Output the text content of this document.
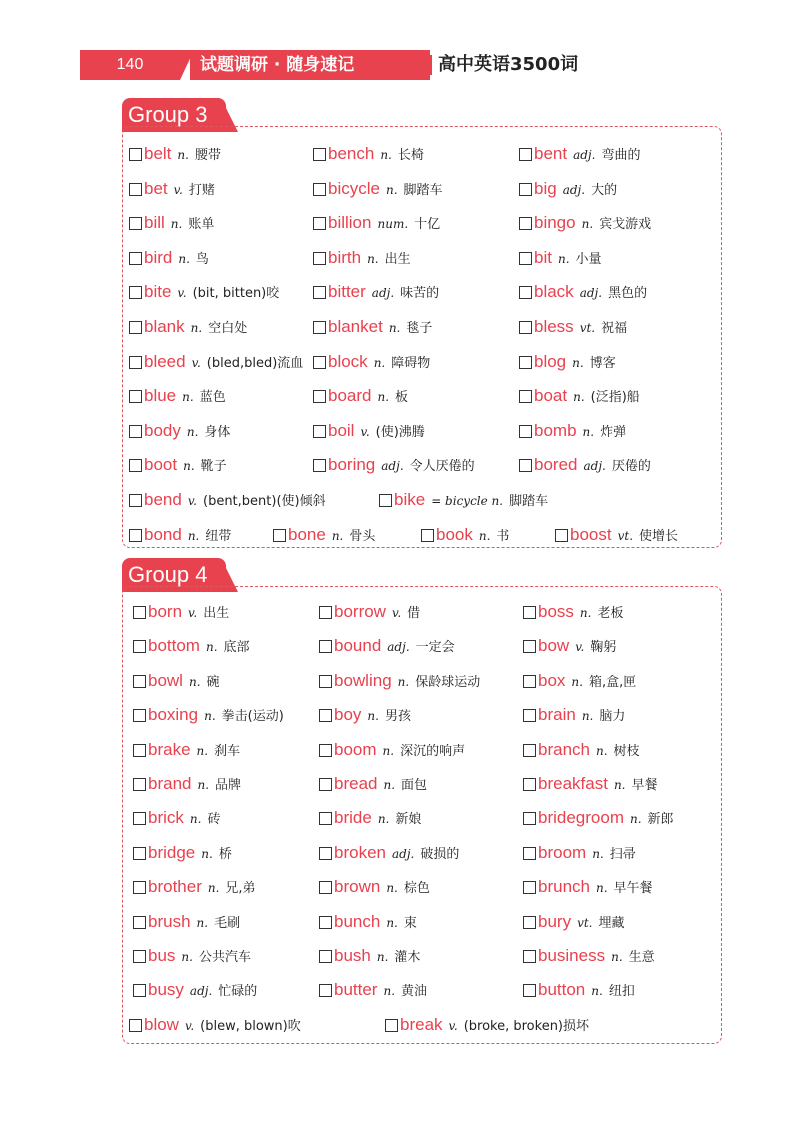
140	试题调研 · 随身速记	高中英语3500词
Group 3
belt n. 腰带	bench n. 长椅	bent adj. 弯曲的
bet v. 打赌	bicycle n. 脚踏车	big adj. 大的
bill n. 账单	billion num. 十亿	bingo n. 宾戈游戏
bird n. 鸟	birth n. 出生	bit n. 小量
bite v. (bit, bitten)咬	bitter adj. 味苦的	black adj. 黑色的
blank n. 空白处	blanket n. 毯子	bless vt. 祝福
bleed v. (bled,bled)流血	block n. 障碍物	blog n. 博客
blue n. 蓝色	board n. 板	boat n. (泛指)船
body n. 身体	boil v. (使)沸腾	bomb n. 炸弹
boot n. 靴子	boring adj. 令人厌倦的	bored adj. 厌倦的
bend v. (bent,bent)(使)倾斜	bike = bicycle n. 脚踏车
bond n. 纽带	bone n. 骨头	book n. 书	boost vt. 使增长
Group 4
born v. 出生	borrow v. 借	boss n. 老板
bottom n. 底部	bound adj. 一定会	bow v. 鞠躬
bowl n. 碗	bowling n. 保龄球运动	box n. 箱,盒,匣
boxing n. 拳击(运动)	boy n. 男孩	brain n. 脑力
brake n. 刹车	boom n. 深沉的响声	branch n. 树枝
brand n. 品牌	bread n. 面包	breakfast n. 早餐
brick n. 砖	bride n. 新娘	bridegroom n. 新郎
bridge n. 桥	broken adj. 破损的	broom n. 扫帚
brother n. 兄,弟	brown n. 棕色	brunch n. 早午餐
brush n. 毛刷	bunch n. 束	bury vt. 埋藏
bus n. 公共汽车	bush n. 灌木	business n. 生意
busy adj. 忙碌的	butter n. 黄油	button n. 纽扣
blow v. (blew, blown)吹	break v. (broke, broken)损坏
